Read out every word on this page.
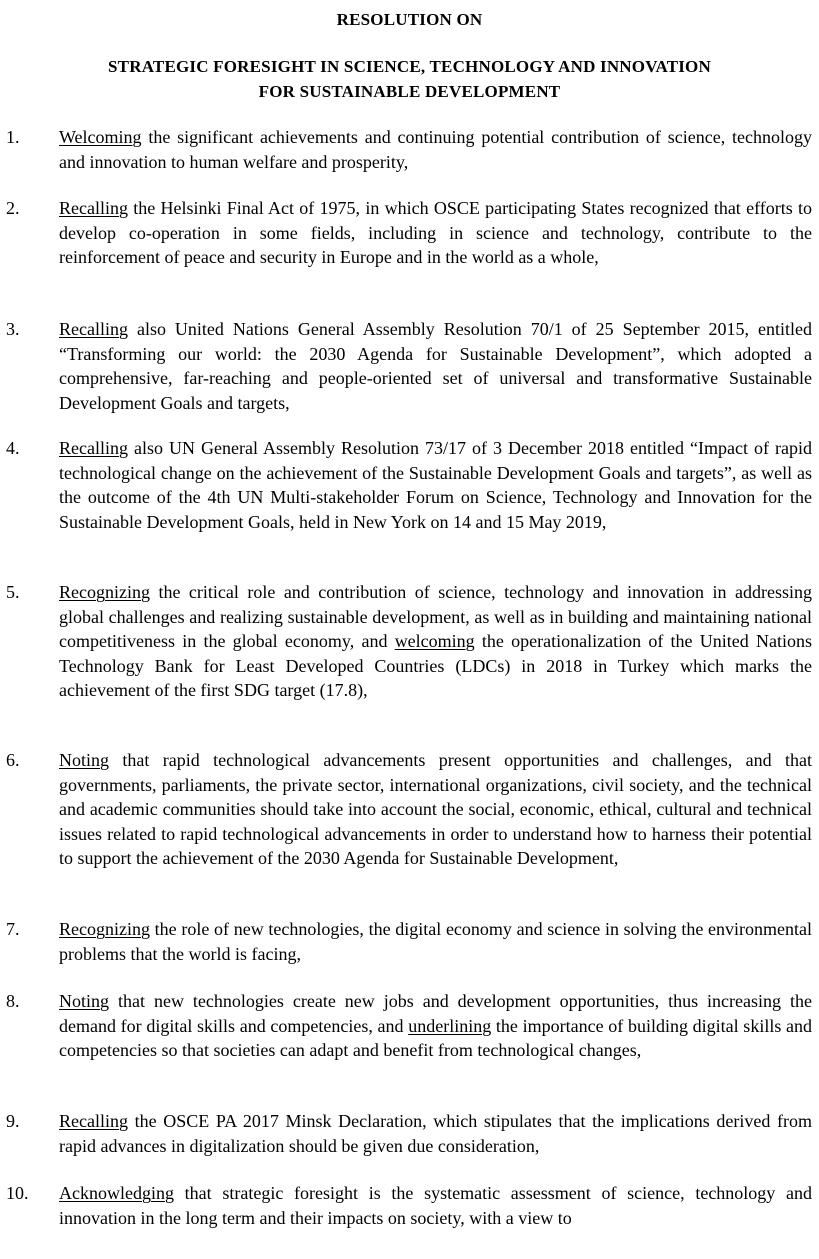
RESOLUTION ON
STRATEGIC FORESIGHT IN SCIENCE, TECHNOLOGY AND INNOVATION
FOR SUSTAINABLE DEVELOPMENT
1. Welcoming the significant achievements and continuing potential contribution of science, technology and innovation to human welfare and prosperity,
2. Recalling the Helsinki Final Act of 1975, in which OSCE participating States recognized that efforts to develop co-operation in some fields, including in science and technology, contribute to the reinforcement of peace and security in Europe and in the world as a whole,
3. Recalling also United Nations General Assembly Resolution 70/1 of 25 September 2015, entitled “Transforming our world: the 2030 Agenda for Sustainable Development”, which adopted a comprehensive, far-reaching and people-oriented set of universal and transformative Sustainable Development Goals and targets,
4. Recalling also UN General Assembly Resolution 73/17 of 3 December 2018 entitled “Impact of rapid technological change on the achievement of the Sustainable Development Goals and targets”, as well as the outcome of the 4th UN Multi-stakeholder Forum on Science, Technology and Innovation for the Sustainable Development Goals, held in New York on 14 and 15 May 2019,
5. Recognizing the critical role and contribution of science, technology and innovation in addressing global challenges and realizing sustainable development, as well as in building and maintaining national competitiveness in the global economy, and welcoming the operationalization of the United Nations Technology Bank for Least Developed Countries (LDCs) in 2018 in Turkey which marks the achievement of the first SDG target (17.8),
6. Noting that rapid technological advancements present opportunities and challenges, and that governments, parliaments, the private sector, international organizations, civil society, and the technical and academic communities should take into account the social, economic, ethical, cultural and technical issues related to rapid technological advancements in order to understand how to harness their potential to support the achievement of the 2030 Agenda for Sustainable Development,
7. Recognizing the role of new technologies, the digital economy and science in solving the environmental problems that the world is facing,
8. Noting that new technologies create new jobs and development opportunities, thus increasing the demand for digital skills and competencies, and underlining the importance of building digital skills and competencies so that societies can adapt and benefit from technological changes,
9. Recalling the OSCE PA 2017 Minsk Declaration, which stipulates that the implications derived from rapid advances in digitalization should be given due consideration,
10. Acknowledging that strategic foresight is the systematic assessment of science, technology and innovation in the long term and their impacts on society, with a view to
